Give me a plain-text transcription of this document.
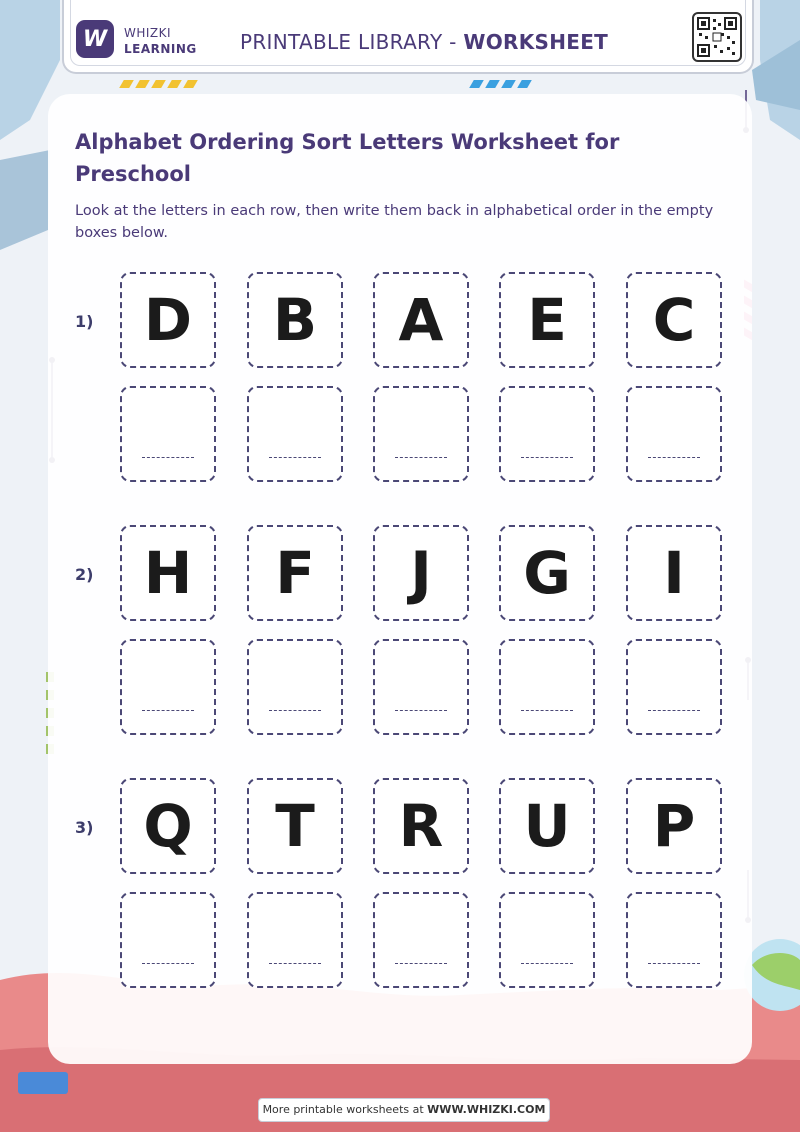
W	WHIZKI
LEARNING PRINTABLE LIBRARY - WORKSHEET
Alphabet Ordering Sort Letters Worksheet for Preschool
Look at the letters in each row, then write them back in alphabetical order in the empty boxes below.
1) D	B	A	E	C
2) H	F	J	G	I
3) Q	T	R	U	P
More printable worksheets at WWW.WHIZKI.COM
